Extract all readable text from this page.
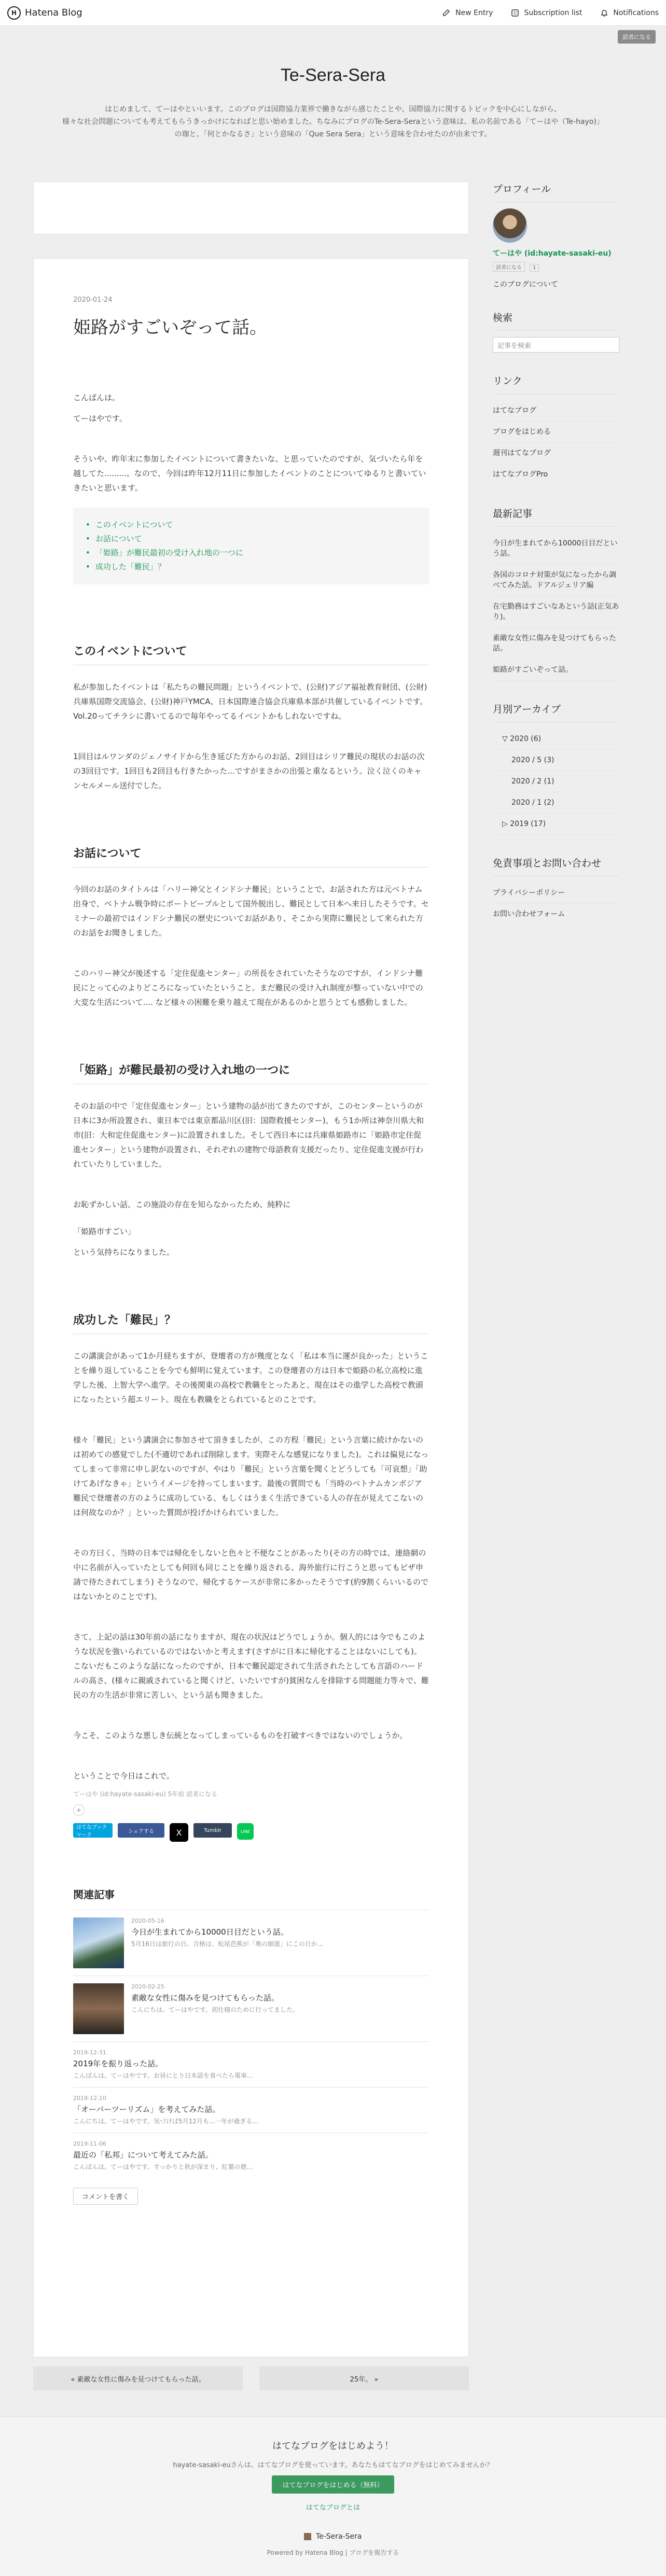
H Hatena Blog	New Entry	Subscription list	Notifications
読者になる
Te-Sera-Sera
はじめまして、てーはやといいます。このブログは国際協力業界で働きながら感じたことや、国際協力に関するトピックを中心にしながら、
様々な社会問題についても考えてもらうきっかけになればと思い始めました。ちなみにブログのTe-Sera-Seraという意味は、私の名前である「てーはや（Te-hayo)」
の珈と、「何とかなるさ」という意味の「Que Sera Sera」という意味を合わせたのが由来です。
2020-01-24
姫路がすごいぞって話。

こんばんは。

てーはやです。

そういや、昨年末に参加したイベントについて書きたいな、と思っていたのですが、気づいたら年を越してた.........。なので、今回は昨年12月11日に参加したイベントのことについてゆるりと書いていきたいと思います。

• このイベントについて
• お話について
• 「姫路」が難民最初の受け入れ地の一つに
• 成功した「難民」？
このイベントについて

私が参加したイベントは「私たちの難民問題」というイベントで、(公財)アジア福祉教育財団、(公財)兵庫県国際交流協会、(公財)神戸YMCA、日本国際連合協会兵庫県本部が共催しているイベントです。Vol.20ってチラシに書いてるので毎年やってるイベントかもしれないですね。

1回目はルワンダのジェノサイドから生き延びた方からのお話、2回目はシリア難民の現状のお話の次の3回目です。1回目も2回目も行きたかった...ですがまさかの出張と重なるという。泣く泣くのキャンセルメール送付でした。

お話について

今回のお話のタイトルは「ハリー神父とインドシナ難民」ということで、お話された方は元ベトナム出身で、ベトナム戦争時にボートピープルとして国外脱出し、難民として日本へ来日したそうです。セミナーの最初ではインドシナ難民の歴史についてお話があり、そこから実際に難民として来られた方のお話をお聞きしました。

このハリー神父が後述する「定住促進センター」の所長をされていたそうなのですが、インドシナ難民にとって心のよりどころになっていたということ。まだ難民の受け入れ制度が整っていない中での大変な生活について.... など様々の困難を乗り越えて現在があるのかと思うとても感動しました。

「姫路」が難民最初の受け入れ地の一つに

そのお話の中で「定住促進センター」という建物の話が出てきたのですが、このセンターというのが日本に3か所設置され、東日本では東京都品川区(旧：国際救援センター)、もう1か所は神奈川県大和市(旧：大和定住促進センター)に設置されました。そして西日本には兵庫県姫路市に「姫路市定住促進センター」という建物が設置され、それぞれの建物で母語教育支援だったり、定住促進支援が行われていたりしていました。

お恥ずかしい話、この施設の存在を知らなかったため、純粋に

「姫路市すごい」

という気持ちになりました。

成功した「難民」？

この講演会があって1か月経ちますが、登壇者の方が幾度となく「私は本当に運が良かった」ということを繰り返していることを今でも鮮明に覚えています。この登壇者の方は日本で姫路の私立高校に進学した後、上智大学へ進学。その後関東の高校で教職をとったあと、現在はその進学した高校で教頭になったという超エリート。現在も教職をとられているとのことです。

様々「難民」という講演会に参加させて頂きましたが、この方程「難民」という言葉に続けかないのは初めての感覚でした(不適切であれば削除します。実際そんな感覚になりました)。これは偏見になってしまって非常に申し訳ないのですが、やはり「難民」という言葉を聞くとどうしても「可哀想」「助けてあげなきゃ」というイメージを持ってしまいます。最後の質問でも「当時のベトナムカンボジア難民で登壇者の方のように成功している、もしくはうまく生活できている人の存在が見えてこないのは何故なのか？」といった質問が投げかけられていました。

その方曰く、当時の日本では帰化をしないと色々と不便なことがあったり(その方の時では、連絡網の中に名前が入っていたとしても何回も同じことを繰り返される、海外旅行に行こうと思ってもビザ申請で待たされてしまう) そうなので、帰化するケースが非常に多かったそうです(約9割くらいいるのではないかとのことです)。

さて、上記の話は30年前の話になりますが、現在の状況はどうでしょうか。個人的には今でもこのような状況を強いられているのではないかと考えます(さすがに日本に帰化することはないにしても)。こないだもこのような話になったのですが、日本で難民認定されて生活されたとしても言語のハードルの高さ、(様々に親戚されていると聞くけど、いたいですが)貧困なんを排除する問題能力等々で、難民の方の生活が非常に苦しい、という話も聞きました。

今こそ、このような悪しき伝統となってしまっているものを打破すべきではないのでしょうか。

ということで今日はこれで。

てーはや (id:hayate-sasaki-eu) 5年前 読者になる
+
はてなブックマーク
シェアする	X	Tumblr	LINE
関連記事
2020-05-16
今日が生まれてから10000日目だという話。
5月16日は旅行の日。合格は、松尾芭蕉が「奥の細道」にこの日か...
2020-02-25
素敵な女性に傷みを見つけてもらった話。
こんにちは。てーはやです。初仕様のために行ってました。
2019-12-31
2019年を振り返った話。
こんばんは。てーはやです。お昼にとり日本語を食べたら電車...
2019-12-10
「オーバーツーリズム」を考えてみた話。
こんにちは。てーはやです。気づけば5月12月も...一年が過ぎる...
2019-11-06
最近の「私邦」について考えてみた話。
こんばんは。てーはやです。すっかりと秋が深まり、紅葉の便...
コメントを書く
プロフィール
てーはや (id:hayate-sasaki-eu)
読者になる 1
このブログについて
検索
記事を検索
リンク
はてなブログ
ブログをはじめる
週刊はてなブログ
はてなブログPro
最新記事
今日が生まれてから10000日目だという話。
各国のコロナ対策が気になったから調べてみた話。ドアルジェリア編
在宅勤務はすごいなあという話(正気あり)。
素敵な女性に傷みを見つけてもらった話。
姫路がすごいぞって話。
月別アーカイブ
▽ 2020 (6)
2020 / 5 (3)
2020 / 2 (1)
2020 / 1 (2)
▷ 2019 (17)
免責事項とお問い合わせ
プライバシーポリシー
お問い合わせフォーム
« 素敵な女性に傷みを見つけてもらった話。	25年。 »
はてなブログをはじめよう！
hayate-sasaki-euさんは、はてなブログを使っています。あなたもはてなブログをはじめてみませんか？
はてなブログをはじめる（無料）
はてなブログとは
Te-Sera-Sera
Powered by Hatena Blog | ブログを報告する
